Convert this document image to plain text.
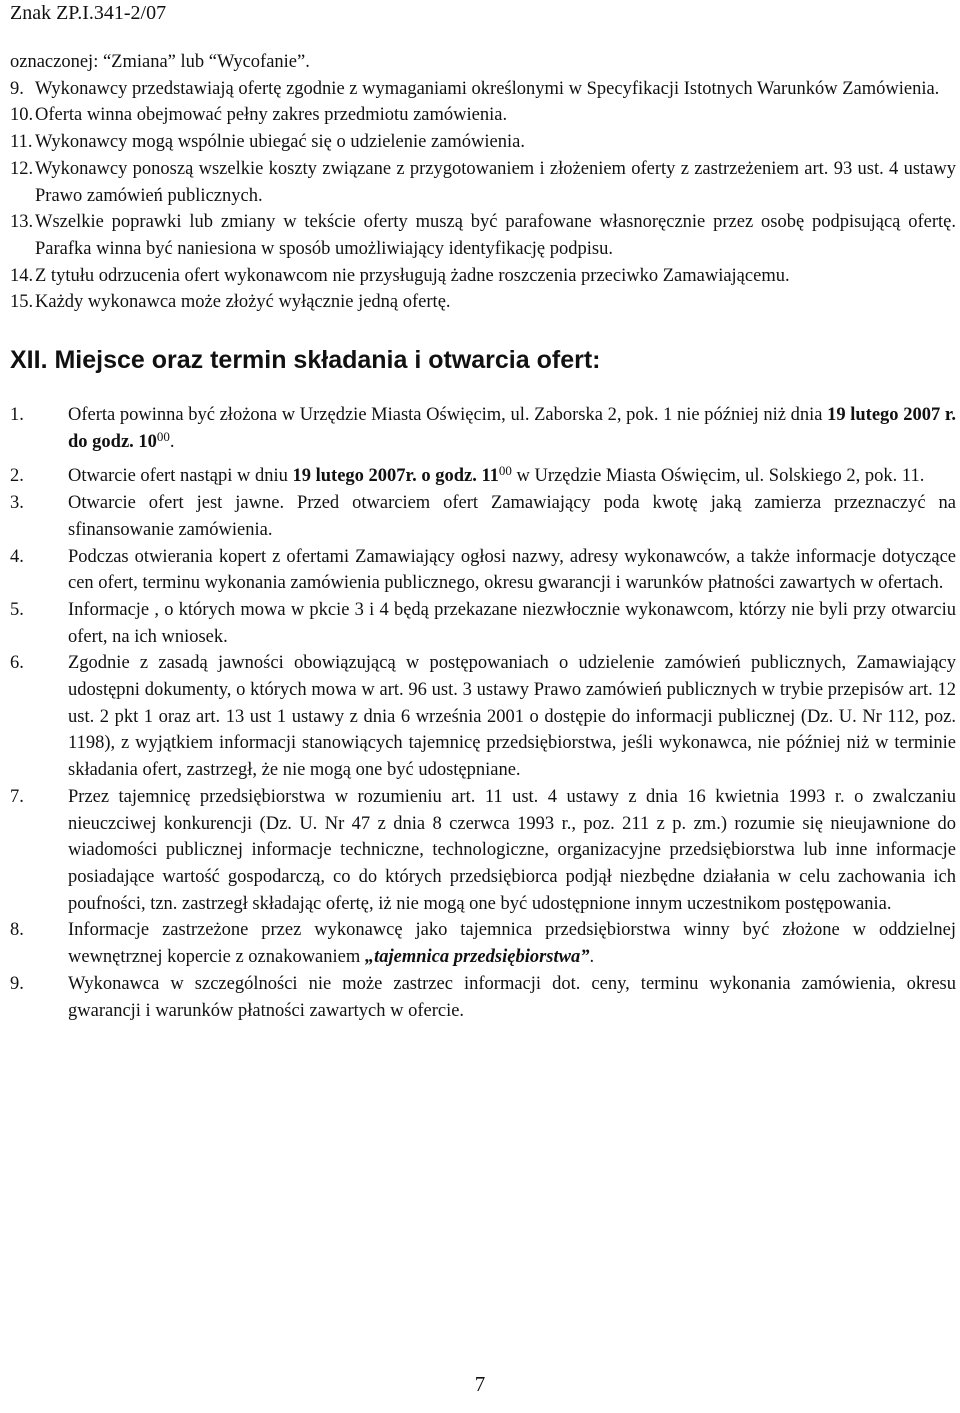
Znak ZP.I.341-2/07

oznaczonej: “Zmiana” lub “Wycofanie”.

9. Wykonawcy przedstawiają ofertę zgodnie z wymaganiami określonymi w Specyfikacji Istotnych Warunków Zamówienia.

10. Oferta winna obejmować pełny zakres przedmiotu zamówienia.

11. Wykonawcy mogą wspólnie ubiegać się o udzielenie zamówienia.

12. Wykonawcy ponoszą wszelkie koszty związane z przygotowaniem i złożeniem oferty z zastrzeżeniem art. 93 ust. 4 ustawy Prawo zamówień publicznych.

13. Wszelkie poprawki lub zmiany w tekście oferty muszą być parafowane własnoręcznie przez osobę podpisującą ofertę. Parafka winna być naniesiona w sposób umożliwiający identyfikację podpisu.

14. Z tytułu odrzucenia ofert wykonawcom nie przysługują żadne roszczenia przeciwko Zamawiającemu.

15. Każdy wykonawca może złożyć wyłącznie jedną ofertę.

XII. Miejsce oraz termin składania i otwarcia ofert:

1. Oferta powinna być złożona w Urzędzie Miasta Oświęcim, ul. Zaborska 2, pok. 1 nie później niż dnia 19 lutego 2007 r. do godz. $10^{00}$.

2. Otwarcie ofert nastąpi w dniu 19 lutego 2007r. o godz. $11^{00}$ w Urzędzie Miasta Oświęcim, ul. Solskiego 2, pok. 11.

3. Otwarcie ofert jest jawne. Przed otwarciem ofert Zamawiający poda kwotę jaką zamierza przeznaczyć na sfinansowanie zamówienia.

4. Podczas otwierania kopert z ofertami Zamawiający ogłosi nazwy, adresy wykonawców, a także informacje dotyczące cen ofert, terminu wykonania zamówienia publicznego, okresu gwarancji i warunków płatności zawartych w ofertach.

5. Informacje , o których mowa w pkcie 3 i 4 będą przekazane niezwłocznie wykonawcom, którzy nie byli przy otwarciu ofert, na ich wniosek.

6. Zgodnie z zasadą jawności obowiązującą w postępowaniach o udzielenie zamówień publicznych, Zamawiający udostępni dokumenty, o których mowa w art. 96 ust. 3 ustawy Prawo zamówień publicznych w trybie przepisów art. 12 ust. 2 pkt 1 oraz art. 13 ust 1 ustawy z dnia 6 września 2001 o dostępie do informacji publicznej (Dz. U. Nr 112, poz. 1198), z wyjątkiem informacji stanowiących tajemnicę przedsiębiorstwa, jeśli wykonawca, nie później niż w terminie składania ofert, zastrzegł, że nie mogą one być udostępniane.

7. Przez tajemnicę przedsiębiorstwa w rozumieniu art. 11 ust. 4 ustawy z dnia 16 kwietnia 1993 r. o zwalczaniu nieuczciwej konkurencji (Dz. U. Nr 47 z dnia 8 czerwca 1993 r., poz. 211 z p. zm.) rozumie się nieujawnione do wiadomości publicznej informacje techniczne, technologiczne, organizacyjne przedsiębiorstwa lub inne informacje posiadające wartość gospodarczą, co do których przedsiębiorca podjął niezbędne działania w celu zachowania ich poufności, tzn. zastrzegł składając ofertę, iż nie mogą one być udostępnione innym uczestnikom postępowania.

8. Informacje zastrzeżone przez wykonawcę jako tajemnica przedsiębiorstwa winny być złożone w oddzielnej wewnętrznej kopercie z oznakowaniem „tajemnica przedsiębiorstwa”.

9. Wykonawca w szczególności nie może zastrzec informacji dot. ceny, terminu wykonania zamówienia, okresu gwarancji i warunków płatności zawartych w ofercie.

7
